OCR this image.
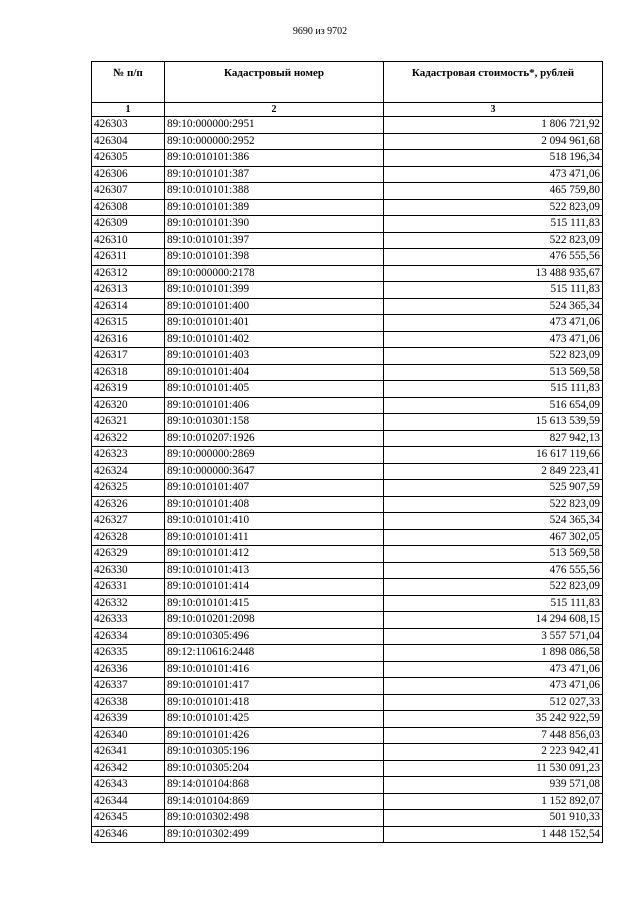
9690 из 9702
№ п/п	Кадастровый номер	Кадастровая стоимость*, рублей
1	2	3
426303	89:10:000000:2951	1 806 721,92
426304	89:10:000000:2952	2 094 961,68
426305	89:10:010101:386	518 196,34
426306	89:10:010101:387	473 471,06
426307	89:10:010101:388	465 759,80
426308	89:10:010101:389	522 823,09
426309	89:10:010101:390	515 111,83
426310	89:10:010101:397	522 823,09
426311	89:10:010101:398	476 555,56
426312	89:10:000000:2178	13 488 935,67
426313	89:10:010101:399	515 111,83
426314	89:10:010101:400	524 365,34
426315	89:10:010101:401	473 471,06
426316	89:10:010101:402	473 471,06
426317	89:10:010101:403	522 823,09
426318	89:10:010101:404	513 569,58
426319	89:10:010101:405	515 111,83
426320	89:10:010101:406	516 654,09
426321	89:10:010301:158	15 613 539,59
426322	89:10:010207:1926	827 942,13
426323	89:10:000000:2869	16 617 119,66
426324	89:10:000000:3647	2 849 223,41
426325	89:10:010101:407	525 907,59
426326	89:10:010101:408	522 823,09
426327	89:10:010101:410	524 365,34
426328	89:10:010101:411	467 302,05
426329	89:10:010101:412	513 569,58
426330	89:10:010101:413	476 555,56
426331	89:10:010101:414	522 823,09
426332	89:10:010101:415	515 111,83
426333	89:10:010201:2098	14 294 608,15
426334	89:10:010305:496	3 557 571,04
426335	89:12:110616:2448	1 898 086,58
426336	89:10:010101:416	473 471,06
426337	89:10:010101:417	473 471,06
426338	89:10:010101:418	512 027,33
426339	89:10:010101:425	35 242 922,59
426340	89:10:010101:426	7 448 856,03
426341	89:10:010305:196	2 223 942,41
426342	89:10:010305:204	11 530 091,23
426343	89:14:010104:868	939 571,08
426344	89:14:010104:869	1 152 892,07
426345	89:10:010302:498	501 910,33
426346	89:10:010302:499	1 448 152,54
